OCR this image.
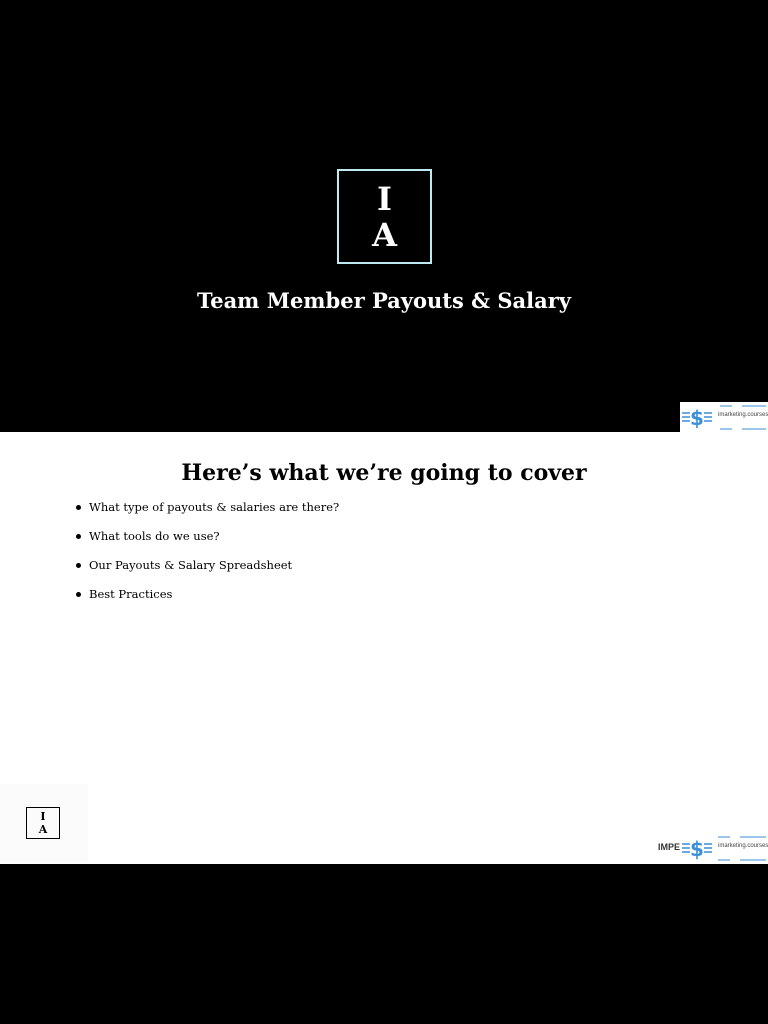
I
A
Team Member Payouts & Salary
$ imarketing.courses
Here’s what we’re going to cover
What type of payouts & salaries are there?
What tools do we use?
Our Payouts & Salary Spreadsheet
Best Practices
I
A
IMPE $ imarketing.courses
